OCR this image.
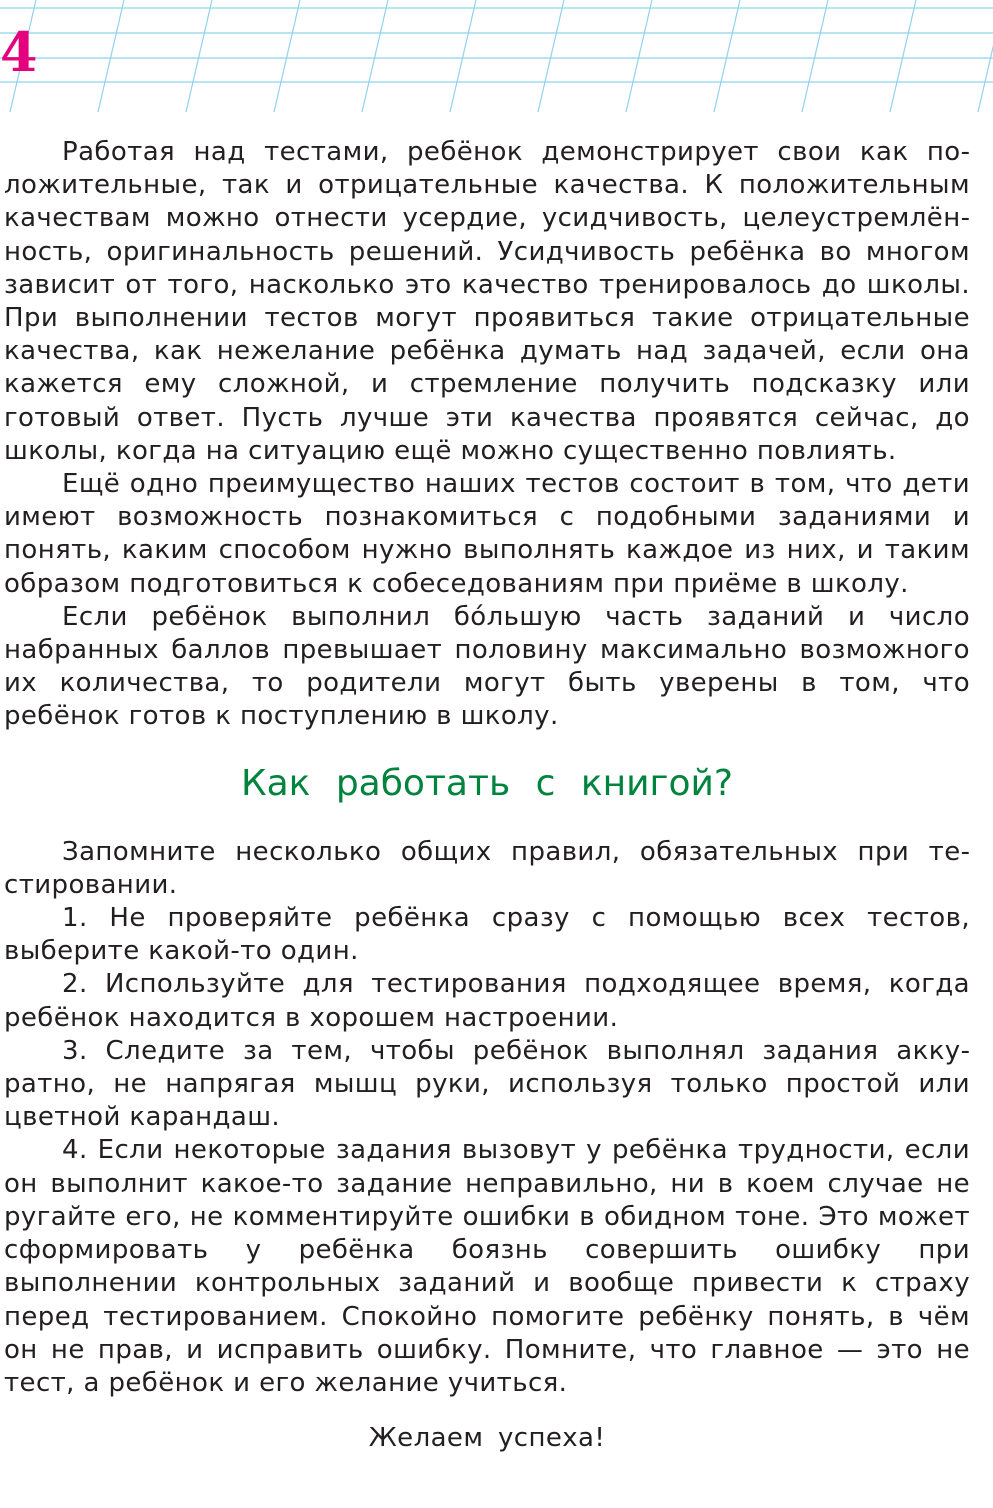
4

Работая над тестами, ребёнок демонстрирует свои как положительные, так и отрицательные качества. К положительным качествам можно отнести усердие, усидчивость, целеустремлённость, оригинальность решений. Усидчивость ребёнка во многом зависит от того, насколько это качество тренировалось до школы. При выполнении тестов могут проявиться такие отрицательные качества, как нежелание ребёнка думать над задачей, если она кажется ему сложной, и стремление получить подсказку или готовый ответ. Пусть лучше эти качества проявятся сейчас, до школы, когда на ситуацию ещё можно существенно повлиять.

Ещё одно преимущество наших тестов состоит в том, что дети имеют возможность познакомиться с подобными заданиями и понять, каким способом нужно выполнять каждое из них, и таким образом подготовиться к собеседованиям при приёме в школу.

Если ребёнок выполнил бо́льшую часть заданий и число набранных баллов превышает половину максимально возможного их количества, то родители могут быть уверены в том, что ребёнок готов к поступлению в школу.

Как работать с книгой?

Запомните несколько общих правил, обязательных при тестировании.

1. Не проверяйте ребёнка сразу с помощью всех тестов, выберите какой-то один.

2. Используйте для тестирования подходящее время, когда ребёнок находится в хорошем настроении.

3. Следите за тем, чтобы ребёнок выполнял задания аккуратно, не напрягая мышц руки, используя только простой или цветной карандаш.

4. Если некоторые задания вызовут у ребёнка трудности, если он выполнит какое-то задание неправильно, ни в коем случае не ругайте его, не комментируйте ошибки в обидном тоне. Это может сформировать у ребёнка боязнь совершить ошибку при выполнении контрольных заданий и вообще привести к страху перед тестированием. Спокойно помогите ребёнку понять, в чём он не прав, и исправить ошибку. Помните, что главное — это не тест, а ребёнок и его желание учиться.

Желаем успеха!
